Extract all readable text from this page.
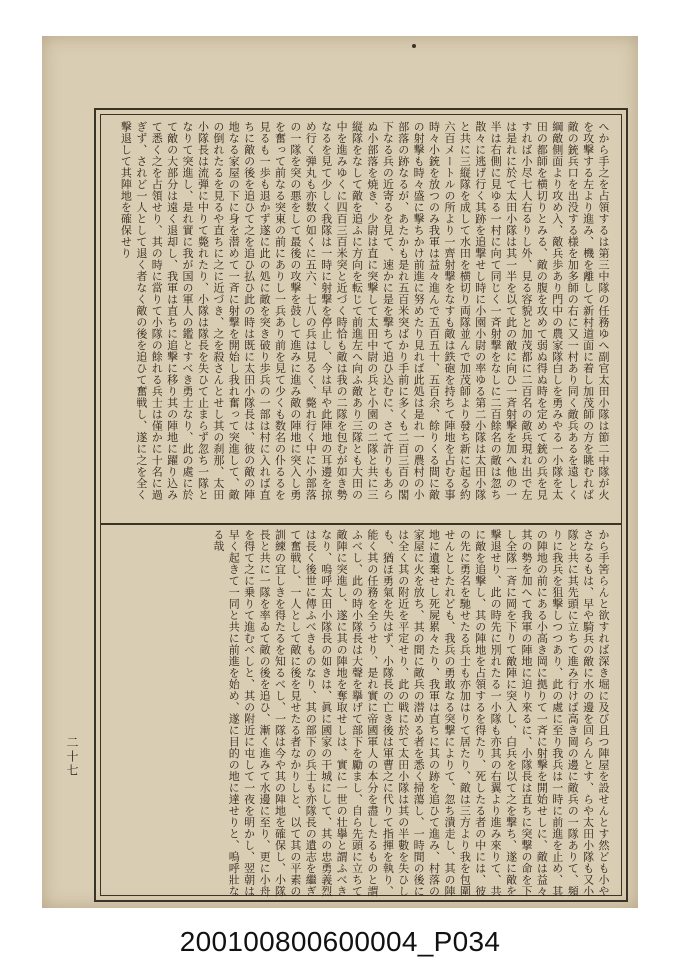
へから手之を占領するは第三中隊の任務ゆへ副官太田小隊は節二中隊が火を攻撃する左より進み、機を離して新村道面に着し加茂師の方を眺むれば敵の銃兵口を出没する様を加多師の右に又一村あり同く敵兵あるを遠しく綱敵側面より攻め入、敵兵歩あり門中の農家隊白しを勇みやる一小隊を太田の都師を横切りとみる、敵の腹を攻めて弱ぬ得ぬ時を定めて銃の兵を見すれば小尽七人右るりし外、見る容貌と加茂都に二百名の敵兵現れ出で左は是れに於て太田小隊は其一半を以て此の敵に向ひ一斉射撃を加へ他の一半は右側に見ゆる一村に向て同じく一斉射撃をなしに二百餘名の敵は忽ち散々に逃げ行く其跡を追撃せし時に小園小尉の率ゆる第二小隊は太田小隊と共に三縦隊を成して水田を横切り両隊並んで加茂師より發ち新に起る約六百メートルの所より一齊射撃をなすも敵は鉄砲を持ちて陣地を占むる事時々小銃を放つのみ我軍は益々進んで五百五十、五百余、餘りくる間に敵の射撃も時々盛に撃ちかけ前進に努めたり見れば此処は是れ一の農村の小部落の跡なるが、あたかも是れ五百米突ばかり手前に多くも二百三百の閣下なる兵の近寄るを見て、速かに是を撃ちて追ひ込むに、さて許りもあらぬ小部落を焼き、少尉は直に突撃して太田中尉の兵と小園の二隊と共に三縦隊をなして敵を追ふに方向を転じて前進左へ向ふ敵あり三隊とも大田の中を進みゆくに四百三百米突と近づく時恰も敵は我の二隊を包むが如き勢なるを見て少しく我隊は一時に射撃を停止し、今は早や此陣地の耳邊を掠め行く弾丸も亦数の如くに五六、七八の兵は見るく、斃れ行く中に小部落の一隊を突の悪をして最後の攻撃を鼓して進みに進み敵の陣地に突入し勇を奮って前なる突東の前にありし一兵あり前を見て少くも数名の仆るるを見るも一歩も退かず遂に此の処に敵を突き破り歩兵の一部は村に入れば直ちに敵の後を追ひて之を追ひ払ひ此の時は既に太田小隊長は、彼の敵の陣地なる家屋の下に身を潜めて一斉に射撃を開始し我れ奮って突進して、敵の倒れたるを見るや直ちに之に近づき、之を殺さんとせし其の刹那、太田小隊長は流弾に中りて斃れたり、小隊は隊長を失ひて止まらず忽ち一隊となりて突進し、是れ實に我が国の軍人の鑑とすべき勇士なり、此の處に於て敵の大部分は遠く退却し、我軍は直ちに追撃に移り其の陣地に躍り込みて悉く之を占領せり、其の時に當りて小隊の餘れる兵士は僅かに十名に過ぎず、されど一人として退く者なく敵の後を追ひて奮戦し、遂に之を全く撃退して其陣地を確保せり
から手筈らんと欲すれば深き堀に及び且つ陣屋を設せんとす然ども小やさなるもは、早や騎兵の敵に水の邊を回らんとす、らや太田小隊も又小隊と共に其先頭に立ちて進み行けば高き岡の邊に敵兵の一隊ありて、頻りに我兵を狙撃しつつあり、此の處に至り我兵は一時に前進を止め、其の陣地の前にある小高き岡に拠りて一斉に射撃を開始せしに、敵は益々其の勢を加へて我軍の陣地に迫り來るに、小隊長は直ちに突撃の命を下し全隊一斉に岡を下りて敵陣に突入し、白兵を以て之を撃ち、遂に敵を撃退せり、此の時先に別れたる一小隊も亦其の右翼より進み來りて、共に敵を追撃し、其の陣地を占領するを得たり、死したる者の中には、彼の先に勇名を馳せたる兵士も亦加はりて居たり、敵は三方より我を包圍せんとしたれども、我兵の勇敢なる突撃によりて、忽ち潰走し、其の陣地に遺棄せし死屍累々たり、我軍は直ちに其の跡を追ひて進み、村落の家屋に火を放ち、其の間に敵兵の潜める者を悉く掃蕩し、一時間の後には全く其の附近を平定せり、此の戦に於て太田小隊は其の半數を失ひしも、猶ほ勇氣を失はず、小隊長の亡き後は軍曹之に代りて指揮を執り、能く其の任務を全うせり、是れ實に帝國軍人の本分を盡したるものと謂ふべし、此の時小隊長は大聲を擧げて部下を勵まし、自ら先頭に立ちて敵陣に突進し、遂に其の陣地を奪取せしは、實に一世の壮擧と謂ふべきなり、嗚呼太田小隊長の如きは、眞に國家の干城にして、其の忠勇義烈は長く後世に傳ふべきものなり、其の部下の兵士も亦隊長の遺志を繼ぎて奮戦し、一人として敵に後を見せたる者なかりしと、以て其の平素の訓練の宜しきを得たるを知るべし、一隊は今や其の陣地を確保し、小隊長と共に一隊を率ゐて敵の後を追ひ、漸く進みて水邊に至り、更に小舟を得て之に乗りて進むべしと、其の附近に屯して一夜を明かし、翌朝は早く起きて一同と共に前進を始め、遂に目的の地に達せりと、嗚呼壯なる哉
二十七
200100800600004_P034
